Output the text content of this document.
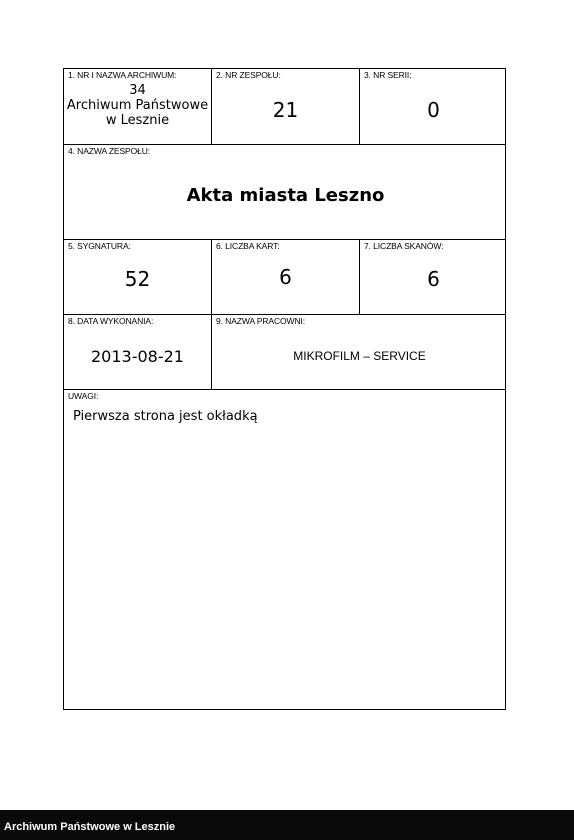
1. NR I NAZWA ARCHIWUM:
34
Archiwum Państwowe
w Lesznie
2. NR ZESPOŁU:
21
3. NR SERII:
0
4. NAZWA ZESPOŁU:
Akta miasta Leszno
5. SYGNATURA:
52
6. LICZBA KART:
6
7. LICZBA SKANÓW:
6
8. DATA WYKONANIA:
2013-08-21
9. NAZWA PRACOWNI:
MIKROFILM – SERVICE
UWAGI:
Pierwsza strona jest okładką
Archiwum Państwowe w Lesznie
